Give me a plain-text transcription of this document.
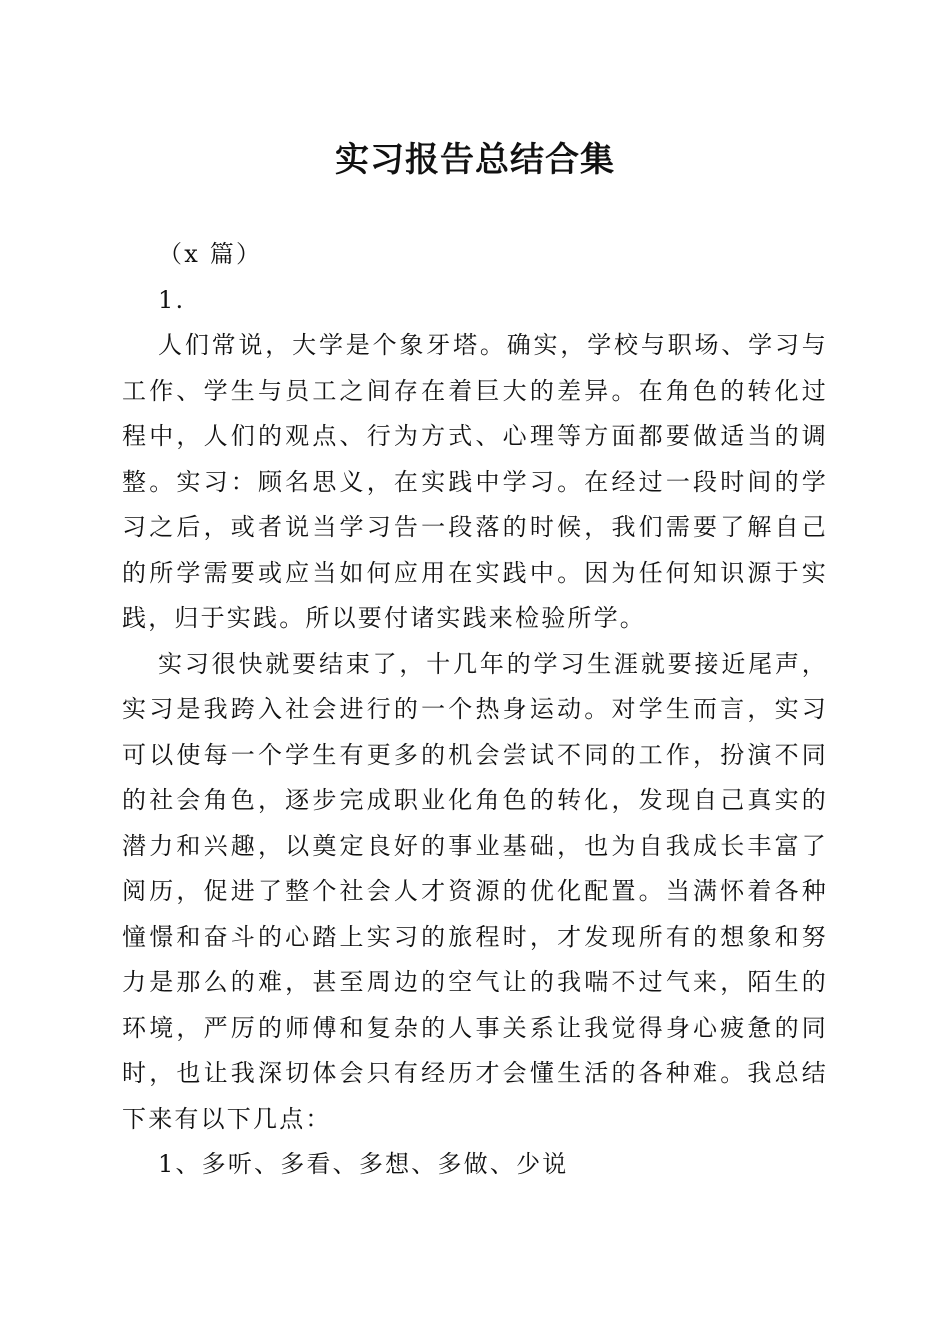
实习报告总结合集

（x 篇）

1.

人们常说，大学是个象牙塔。确实，学校与职场、学习与工作、学生与员工之间存在着巨大的差异。在角色的转化过程中，人们的观点、行为方式、心理等方面都要做适当的调整。实习：顾名思义，在实践中学习。在经过一段时间的学习之后，或者说当学习告一段落的时候，我们需要了解自己的所学需要或应当如何应用在实践中。因为任何知识源于实践，归于实践。所以要付诸实践来检验所学。

实习很快就要结束了，十几年的学习生涯就要接近尾声，实习是我跨入社会进行的一个热身运动。对学生而言，实习可以使每一个学生有更多的机会尝试不同的工作，扮演不同的社会角色，逐步完成职业化角色的转化，发现自己真实的潜力和兴趣，以奠定良好的事业基础，也为自我成长丰富了阅历，促进了整个社会人才资源的优化配置。当满怀着各种憧憬和奋斗的心踏上实习的旅程时，才发现所有的想象和努力是那么的难，甚至周边的空气让的我喘不过气来，陌生的环境，严厉的师傅和复杂的人事关系让我觉得身心疲惫的同时，也让我深切体会只有经历才会懂生活的各种难。我总结下来有以下几点：

1、多听、多看、多想、多做、少说
